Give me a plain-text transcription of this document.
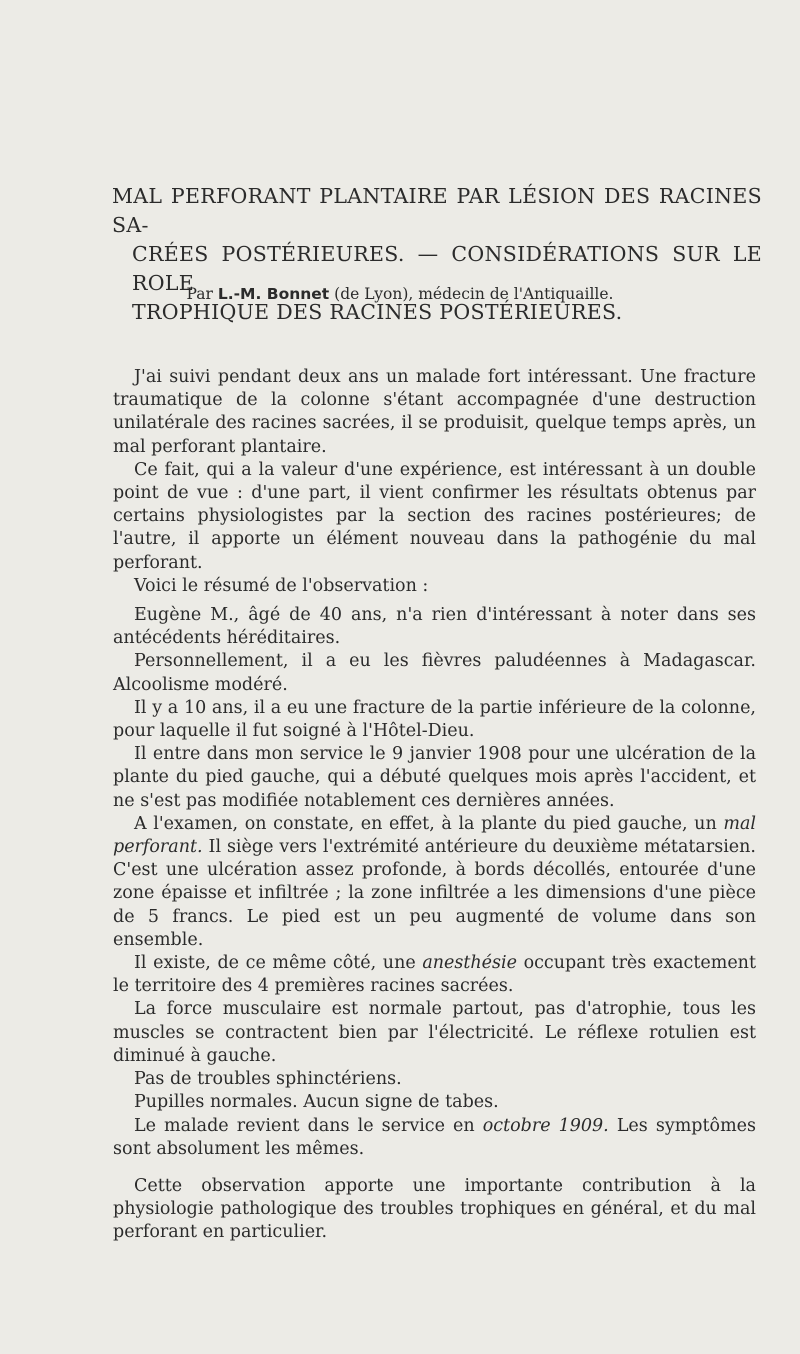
MAL PERFORANT PLANTAIRE PAR LÉSION DES RACINES SA-
CRÉES POSTÉRIEURES. — CONSIDÉRATIONS SUR LE ROLE
TROPHIQUE DES RACINES POSTÉRIEURES.
Par L.-M. Bonnet (de Lyon), médecin de l'Antiquaille.

J'ai suivi pendant deux ans un malade fort intéressant. Une fracture traumatique de la colonne s'étant accompagnée d'une destruction unilatérale des racines sacrées, il se produisit, quelque temps après, un mal perforant plantaire.

Ce fait, qui a la valeur d'une expérience, est intéressant à un double point de vue : d'une part, il vient confirmer les résultats obtenus par certains physiologistes par la section des racines postérieures; de l'autre, il apporte un élément nouveau dans la pathogénie du mal perforant.

Voici le résumé de l'observation :

Eugène M., âgé de 40 ans, n'a rien d'intéressant à noter dans ses antécédents héréditaires.

Personnellement, il a eu les fièvres paludéennes à Madagascar. Alcoolisme modéré.

Il y a 10 ans, il a eu une fracture de la partie inférieure de la colonne, pour laquelle il fut soigné à l'Hôtel-Dieu.

Il entre dans mon service le 9 janvier 1908 pour une ulcération de la plante du pied gauche, qui a débuté quelques mois après l'accident, et ne s'est pas modifiée notablement ces dernières années.

A l'examen, on constate, en effet, à la plante du pied gauche, un mal perforant. Il siège vers l'extrémité antérieure du deuxième métatarsien. C'est une ulcération assez profonde, à bords décollés, entourée d'une zone épaisse et infiltrée ; la zone infiltrée a les dimensions d'une pièce de 5 francs. Le pied est un peu augmenté de volume dans son ensemble.

Il existe, de ce même côté, une anesthésie occupant très exactement le territoire des 4 premières racines sacrées.

La force musculaire est normale partout, pas d'atrophie, tous les muscles se contractent bien par l'électricité. Le réflexe rotulien est diminué à gauche.

Pas de troubles sphinctériens.

Pupilles normales. Aucun signe de tabes.

Le malade revient dans le service en octobre 1909. Les symptômes sont absolument les mêmes.

Cette observation apporte une importante contribution à la physiologie pathologique des troubles trophiques en général, et du mal perforant en particulier.
